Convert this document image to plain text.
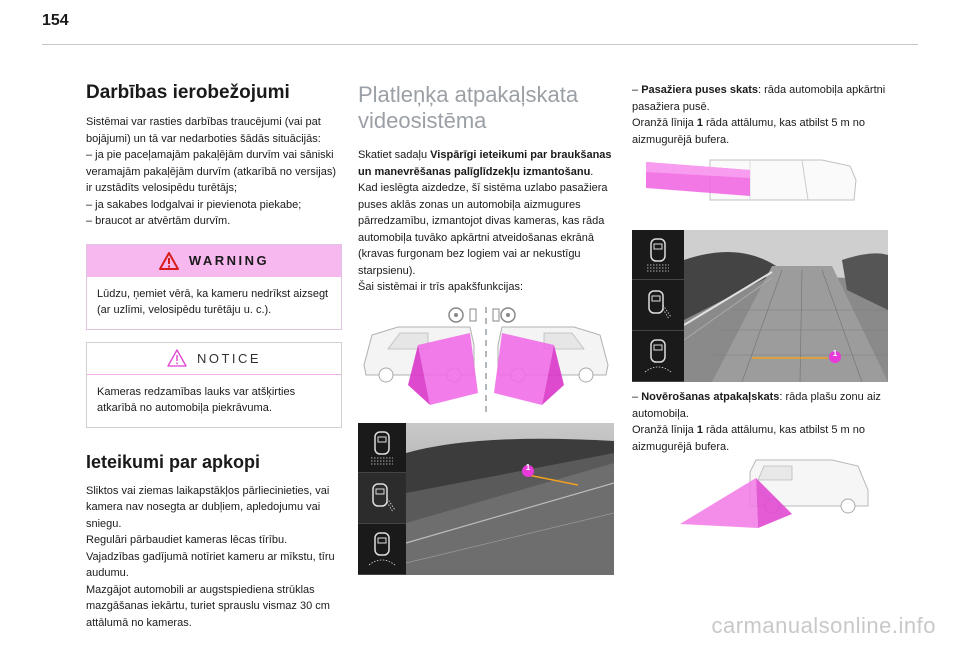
154
Darbības ierobežojumi

Sistēmai var rasties darbības traucējumi (vai pat bojājumi) un tā var nedarboties šādās situācijās:

– ja pie paceļamajām pakaļējām durvīm vai sāniski veramajām pakaļējām durvīm (atkarībā no versijas) ir uzstādīts velosipēdu turētājs;

– ja sakabes lodgalvai ir pievienota piekabe;

– braucot ar atvērtām durvīm.

WARNING
Lūdzu, ņemiet vērā, ka kameru nedrīkst aizsegt (ar uzlīmi, velosipēdu turētāju u. c.).
NOTICE
Kameras redzamības lauks var atšķirties atkarībā no automobiļa piekrāvuma.
Ieteikumi par apkopi

Sliktos vai ziemas laikapstākļos pārliecinieties, vai kamera nav nosegta ar dubļiem, apledojumu vai sniegu.

Regulāri pārbaudiet kameras lēcas tīrību. Vajadzības gadījumā notīriet kameru ar mīkstu, tīru audumu.

Mazgājot automobili ar augstspiediena strūklas mazgāšanas iekārtu, turiet sprauslu vismaz 30 cm attālumā no kameras.

Platleņķa atpakaļskata videosistēma

Skatiet sadaļu Vispārīgi ieteikumi par braukšanas un manevrēšanas palīglīdzekļu izmantošanu.

Kad ieslēgta aizdedze, šī sistēma uzlabo pasažiera puses aklās zonas un automobiļa aizmugures pārredzamību, izmantojot divas kameras, kas rāda automobiļa tuvāko apkārtni atveidošanas ekrānā (kravas furgonam bez logiem vai ar nekustīgu starpsienu).

Šai sistēmai ir trīs apakšfunkcijas:

1

– Pasažiera puses skats: rāda automobiļa apkārtni pasažiera pusē.

Oranžā līnija 1 rāda attālumu, kas atbilst 5 m no aizmugurējā bufera.

1

– Novērošanas atpakaļskats: rāda plašu zonu aiz automobiļa.

Oranžā līnija 1 rāda attālumu, kas atbilst 5 m no aizmugurējā bufera.

carmanualsonline.info
